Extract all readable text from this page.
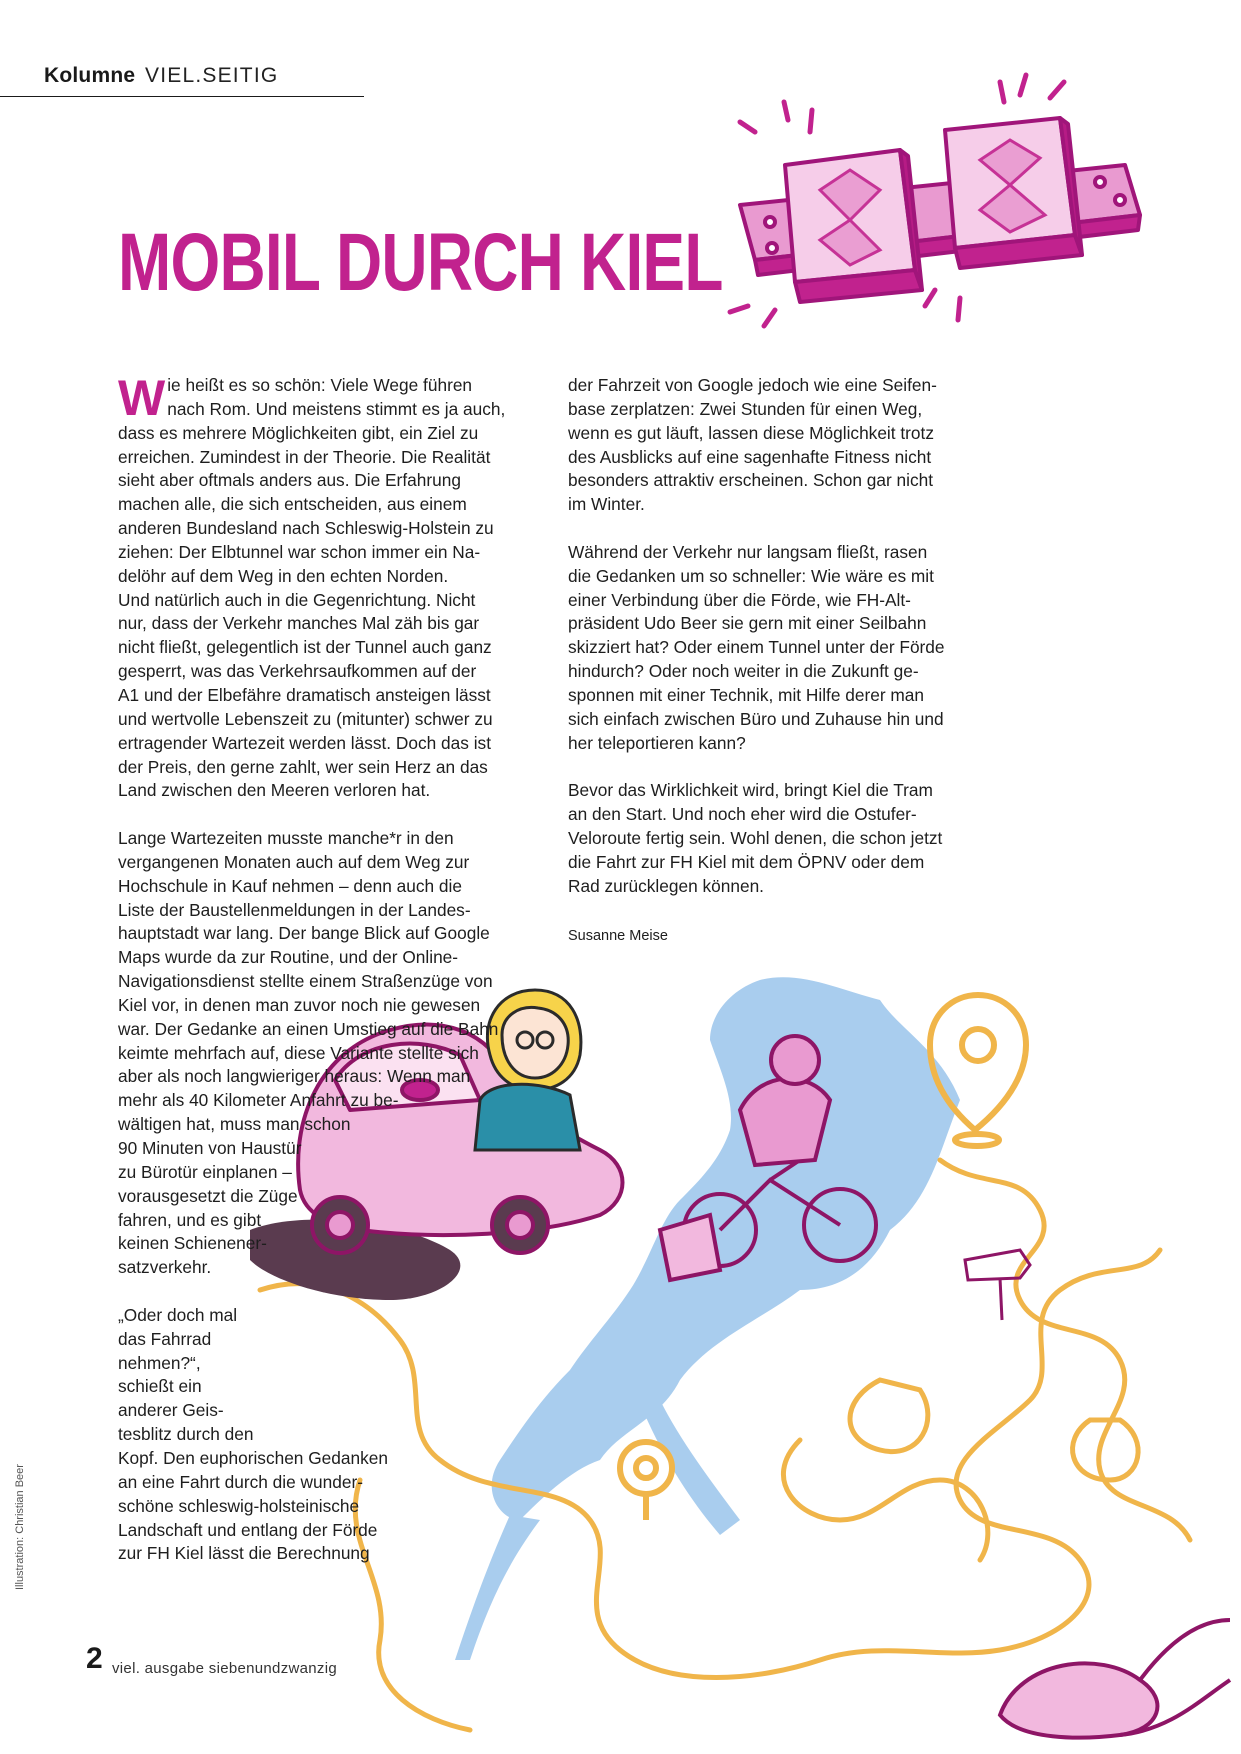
Kolumne VIEL.SEITIG
MOBIL DURCH KIEL
W ie heißt es so schön: Viele Wege führen

nach Rom. Und meistens stimmt es ja auch,

dass es mehrere Möglichkeiten gibt, ein Ziel zu

erreichen. Zumindest in der Theorie. Die Realität

sieht aber oftmals anders aus. Die Erfahrung

machen alle, die sich entscheiden, aus einem

anderen Bundesland nach Schleswig-Holstein zu

ziehen: Der Elbtunnel war schon immer ein Na-

delöhr auf dem Weg in den echten Norden.

Und natürlich auch in die Gegenrichtung. Nicht

nur, dass der Verkehr manches Mal zäh bis gar

nicht fließt, gelegentlich ist der Tunnel auch ganz

gesperrt, was das Verkehrsaufkommen auf der

A1 und der Elbefähre dramatisch ansteigen lässt

und wertvolle Lebenszeit zu (mitunter) schwer zu

ertragender Wartezeit werden lässt. Doch das ist

der Preis, den gerne zahlt, wer sein Herz an das

Land zwischen den Meeren verloren hat.

Lange Wartezeiten musste manche*r in den

vergangenen Monaten auch auf dem Weg zur

Hochschule in Kauf nehmen – denn auch die

Liste der Baustellenmeldungen in der Landes-

hauptstadt war lang. Der bange Blick auf Google

Maps wurde da zur Routine, und der Online-

Navigationsdienst stellte einem Straßenzüge von

Kiel vor, in denen man zuvor noch nie gewesen

war. Der Gedanke an einen Umstieg auf die Bahn

keimte mehrfach auf, diese Variante stellte sich

aber als noch langwieriger heraus: Wenn man

mehr als 40 Kilometer Anfahrt zu be-

wältigen hat, muss man schon

90 Minuten von Haustür

zu Bürotür einplanen –

vorausgesetzt die Züge

fahren, und es gibt

keinen Schienener-

satzverkehr.

„Oder doch mal

das Fahrrad

nehmen?“,

schießt ein

anderer Geis-

tesblitz durch den

Kopf. Den euphorischen Gedanken

an eine Fahrt durch die wunder-

schöne schleswig-holsteinische

Landschaft und entlang der Förde

zur FH Kiel lässt die Berechnung

der Fahrzeit von Google jedoch wie eine Seifen-

base zerplatzen: Zwei Stunden für einen Weg,

wenn es gut läuft, lassen diese Möglichkeit trotz

des Ausblicks auf eine sagenhafte Fitness nicht

besonders attraktiv erscheinen. Schon gar nicht

im Winter.

Während der Verkehr nur langsam fließt, rasen

die Gedanken um so schneller: Wie wäre es mit

einer Verbindung über die Förde, wie FH-Alt-

präsident Udo Beer sie gern mit einer Seilbahn

skizziert hat? Oder einem Tunnel unter der Förde

hindurch? Oder noch weiter in die Zukunft ge-

sponnen mit einer Technik, mit Hilfe derer man

sich einfach zwischen Büro und Zuhause hin und

her teleportieren kann?

Bevor das Wirklichkeit wird, bringt Kiel die Tram

an den Start. Und noch eher wird die Ostufer-

Veloroute fertig sein. Wohl denen, die schon jetzt

die Fahrt zur FH Kiel mit dem ÖPNV oder dem

Rad zurücklegen können.

Susanne Meise
Illustration: Christian Beer
2 viel. ausgabe siebenundzwanzig
